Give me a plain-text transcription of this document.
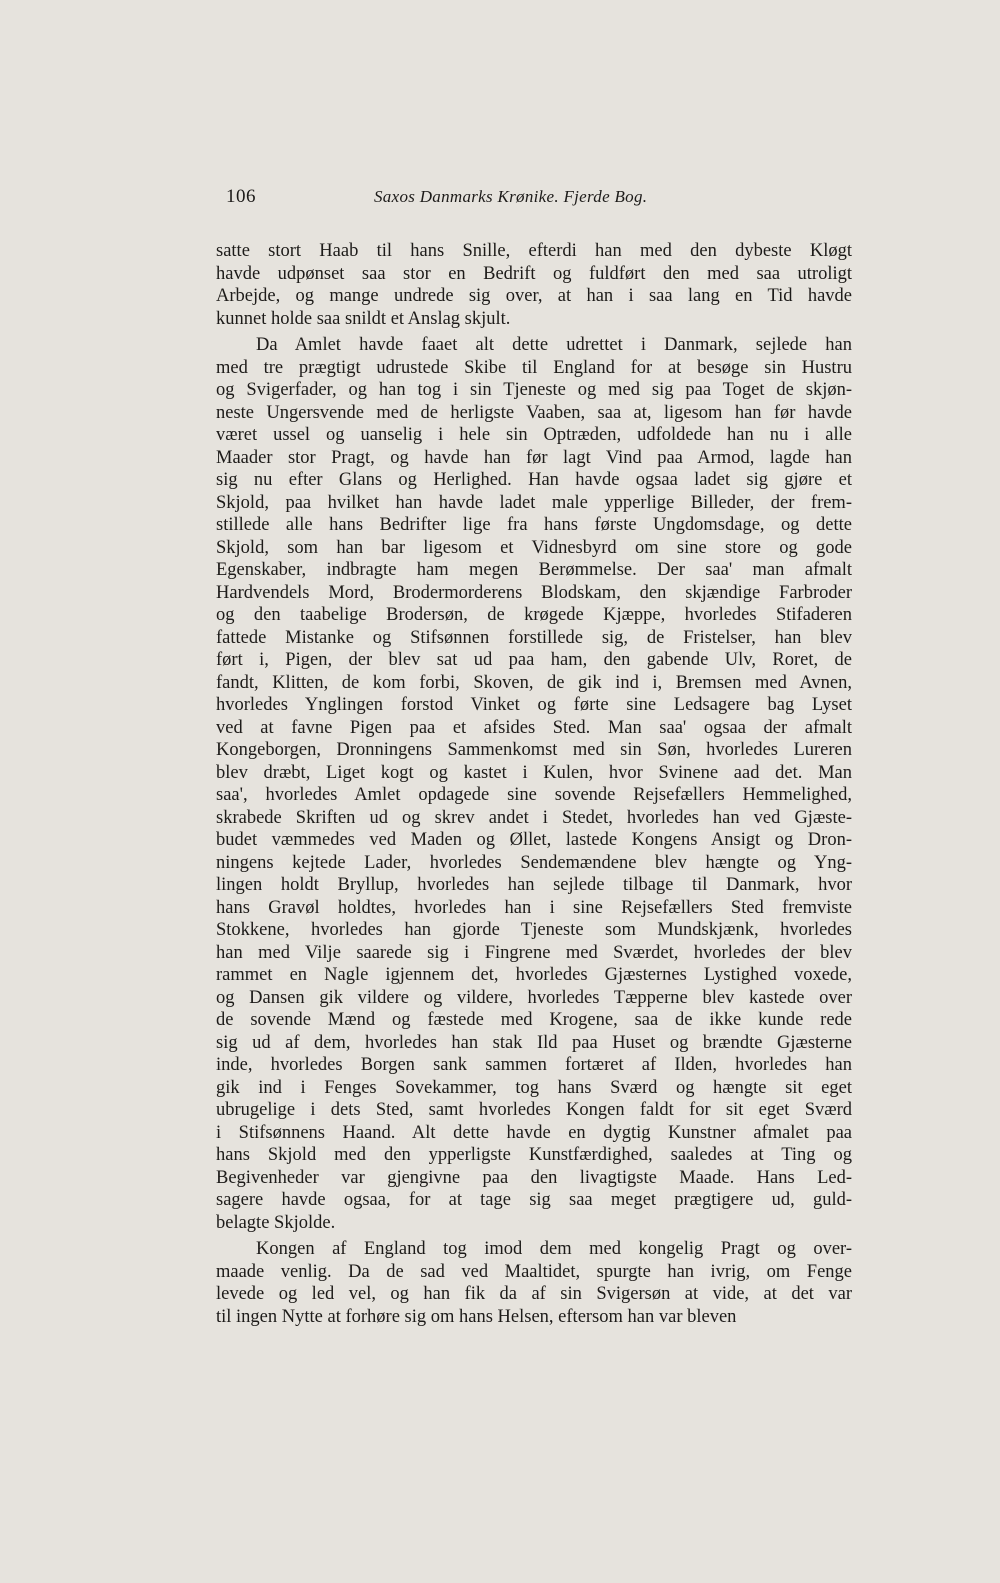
106	Saxos Danmarks Krønike. Fjerde Bog.
satte stort Haab til hans Snille, efterdi han med den dybeste Kløgt
havde udpønset saa stor en Bedrift og fuldført den med saa utroligt
Arbejde, og mange undrede sig over, at han i saa lang en Tid havde
kunnet holde saa snildt et Anslag skjult.
Da Amlet havde faaet alt dette udrettet i Danmark, sejlede han
med tre prægtigt udrustede Skibe til England for at besøge sin Hustru
og Svigerfader, og han tog i sin Tjeneste og med sig paa Toget de skjøn-
neste Ungersvende med de herligste Vaaben, saa at, ligesom han før havde
været ussel og uanselig i hele sin Optræden, udfoldede han nu i alle
Maader stor Pragt, og havde han før lagt Vind paa Armod, lagde han
sig nu efter Glans og Herlighed. Han havde ogsaa ladet sig gjøre et
Skjold, paa hvilket han havde ladet male ypperlige Billeder, der frem-
stillede alle hans Bedrifter lige fra hans første Ungdomsdage, og dette
Skjold, som han bar ligesom et Vidnesbyrd om sine store og gode
Egenskaber, indbragte ham megen Berømmelse. Der saa' man afmalt
Hardvendels Mord, Brodermorderens Blodskam, den skjændige Farbroder
og den taabelige Brodersøn, de krøgede Kjæppe, hvorledes Stifaderen
fattede Mistanke og Stifsønnen forstillede sig, de Fristelser, han blev
ført i, Pigen, der blev sat ud paa ham, den gabende Ulv, Roret, de
fandt, Klitten, de kom forbi, Skoven, de gik ind i, Bremsen med Avnen,
hvorledes Ynglingen forstod Vinket og førte sine Ledsagere bag Lyset
ved at favne Pigen paa et afsides Sted. Man saa' ogsaa der afmalt
Kongeborgen, Dronningens Sammenkomst med sin Søn, hvorledes Lureren
blev dræbt, Liget kogt og kastet i Kulen, hvor Svinene aad det. Man
saa', hvorledes Amlet opdagede sine sovende Rejsefællers Hemmelighed,
skrabede Skriften ud og skrev andet i Stedet, hvorledes han ved Gjæste-
budet væmmedes ved Maden og Øllet, lastede Kongens Ansigt og Dron-
ningens kejtede Lader, hvorledes Sendemændene blev hængte og Yng-
lingen holdt Bryllup, hvorledes han sejlede tilbage til Danmark, hvor
hans Gravøl holdtes, hvorledes han i sine Rejsefællers Sted fremviste
Stokkene, hvorledes han gjorde Tjeneste som Mundskjænk, hvorledes
han med Vilje saarede sig i Fingrene med Sværdet, hvorledes der blev
rammet en Nagle igjennem det, hvorledes Gjæsternes Lystighed voxede,
og Dansen gik vildere og vildere, hvorledes Tæpperne blev kastede over
de sovende Mænd og fæstede med Krogene, saa de ikke kunde rede
sig ud af dem, hvorledes han stak Ild paa Huset og brændte Gjæsterne
inde, hvorledes Borgen sank sammen fortæret af Ilden, hvorledes han
gik ind i Fenges Sovekammer, tog hans Sværd og hængte sit eget
ubrugelige i dets Sted, samt hvorledes Kongen faldt for sit eget Sværd
i Stifsønnens Haand. Alt dette havde en dygtig Kunstner afmalet paa
hans Skjold med den ypperligste Kunstfærdighed, saaledes at Ting og
Begivenheder var gjengivne paa den livagtigste Maade. Hans Led-
sagere havde ogsaa, for at tage sig saa meget prægtigere ud, guld-
belagte Skjolde.
Kongen af England tog imod dem med kongelig Pragt og over-
maade venlig. Da de sad ved Maaltidet, spurgte han ivrig, om Fenge
levede og led vel, og han fik da af sin Svigersøn at vide, at det var
til ingen Nytte at forhøre sig om hans Helsen, eftersom han var bleven
